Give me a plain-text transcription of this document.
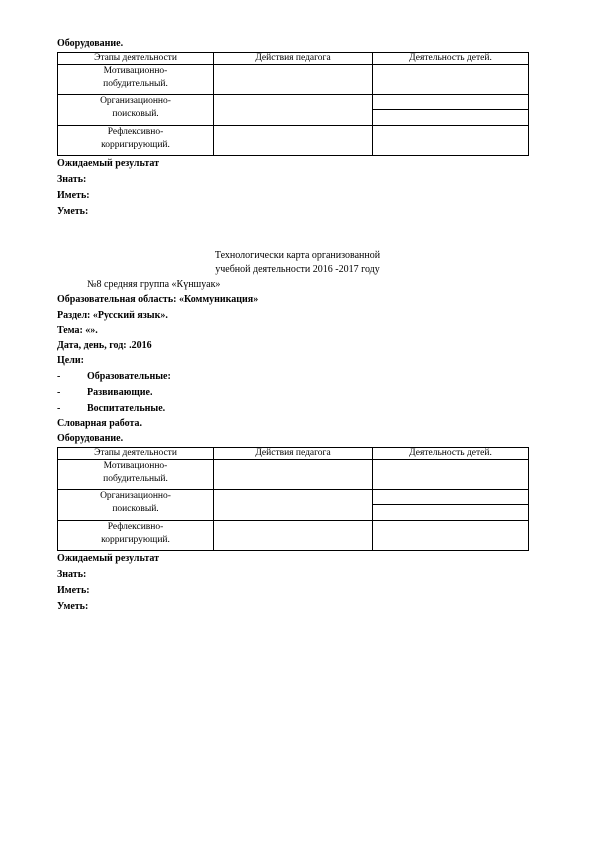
Оборудование.
Этапы деятельности	Действия педагога	Деятельность детей.

Мотивационно-
побудительный.		

Организационно-
поисковый.		

Рефлексивно-
корригирующий.		

Ожидаемый результат
Знать:
Иметь:
Уметь:
Технологически карта организованной
учебной деятельности 2016 -2017 году
№8 средняя группа «Күншуак»
Образовательная область: «Коммуникация»
Раздел: «Русский язык».
Тема: «».
Дата, день, год: .2016
Цели:
-	Образовательные:
-	Развивающие.
-	Воспитательные.
Словарная работа.
Оборудование.
Этапы деятельности	Действия педагога	Деятельность детей.

Мотивационно-
побудительный.		

Организационно-
поисковый.		

Рефлексивно-
корригирующий.		

Ожидаемый результат
Знать:
Иметь:
Уметь:
